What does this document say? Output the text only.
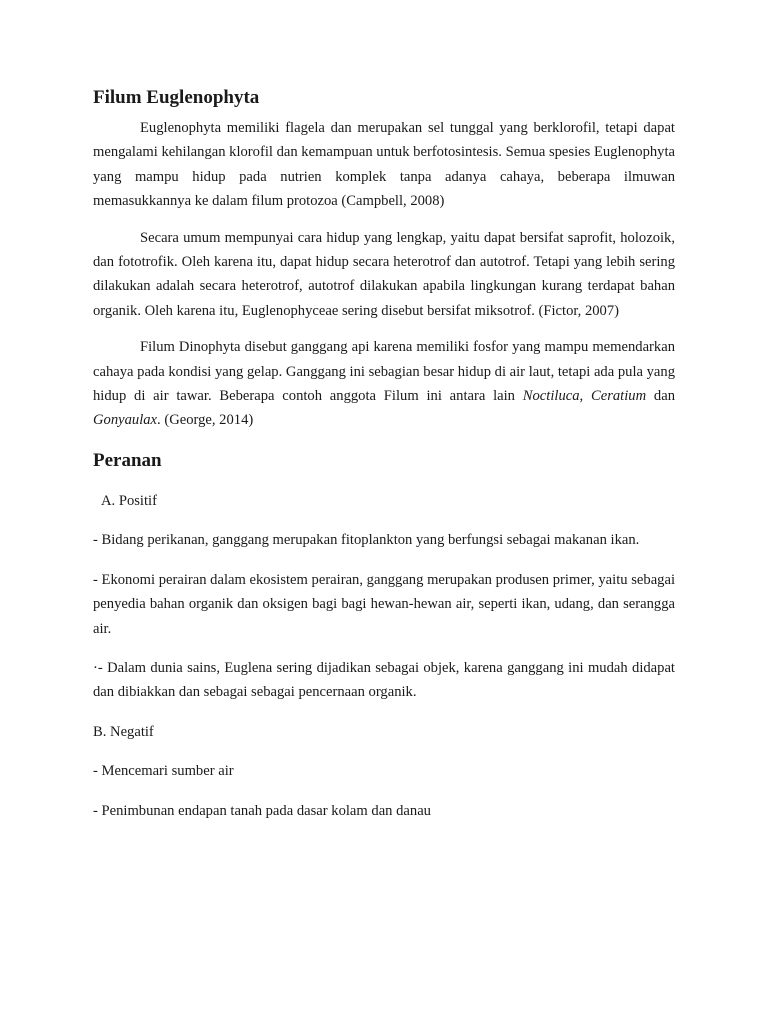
Filum Euglenophyta

Euglenophyta memiliki flagela dan merupakan sel tunggal yang berklorofil, tetapi dapat mengalami kehilangan klorofil dan kemampuan untuk berfotosintesis. Semua spesies Euglenophyta yang mampu hidup pada nutrien komplek tanpa adanya cahaya, beberapa ilmuwan memasukkannya ke dalam filum protozoa (Campbell, 2008)

Secara umum mempunyai cara hidup yang lengkap, yaitu dapat bersifat saprofit, holozoik, dan fototrofik. Oleh karena itu, dapat hidup secara heterotrof dan autotrof. Tetapi yang lebih sering dilakukan adalah secara heterotrof, autotrof dilakukan apabila lingkungan kurang terdapat bahan organik. Oleh karena itu, Euglenophyceae sering disebut bersifat miksotrof. (Fictor, 2007)

Filum Dinophyta disebut ganggang api karena memiliki fosfor yang mampu memendarkan cahaya pada kondisi yang gelap. Ganggang ini sebagian besar hidup di air laut, tetapi ada pula yang hidup di air tawar. Beberapa contoh anggota Filum ini antara lain Noctiluca, Ceratium dan Gonyaulax. (George, 2014)

Peranan
A. Positif

- Bidang perikanan, ganggang merupakan fitoplankton yang berfungsi sebagai makanan ikan.

- Ekonomi perairan dalam ekosistem perairan, ganggang merupakan produsen primer, yaitu sebagai penyedia bahan organik dan oksigen bagi bagi hewan-hewan air, seperti ikan, udang, dan serangga air.

·- Dalam dunia sains, Euglena sering dijadikan sebagai objek, karena ganggang ini mudah didapat dan dibiakkan dan sebagai sebagai pencernaan organik.

B. Negatif

- Mencemari sumber air

- Penimbunan endapan tanah pada dasar kolam dan danau
